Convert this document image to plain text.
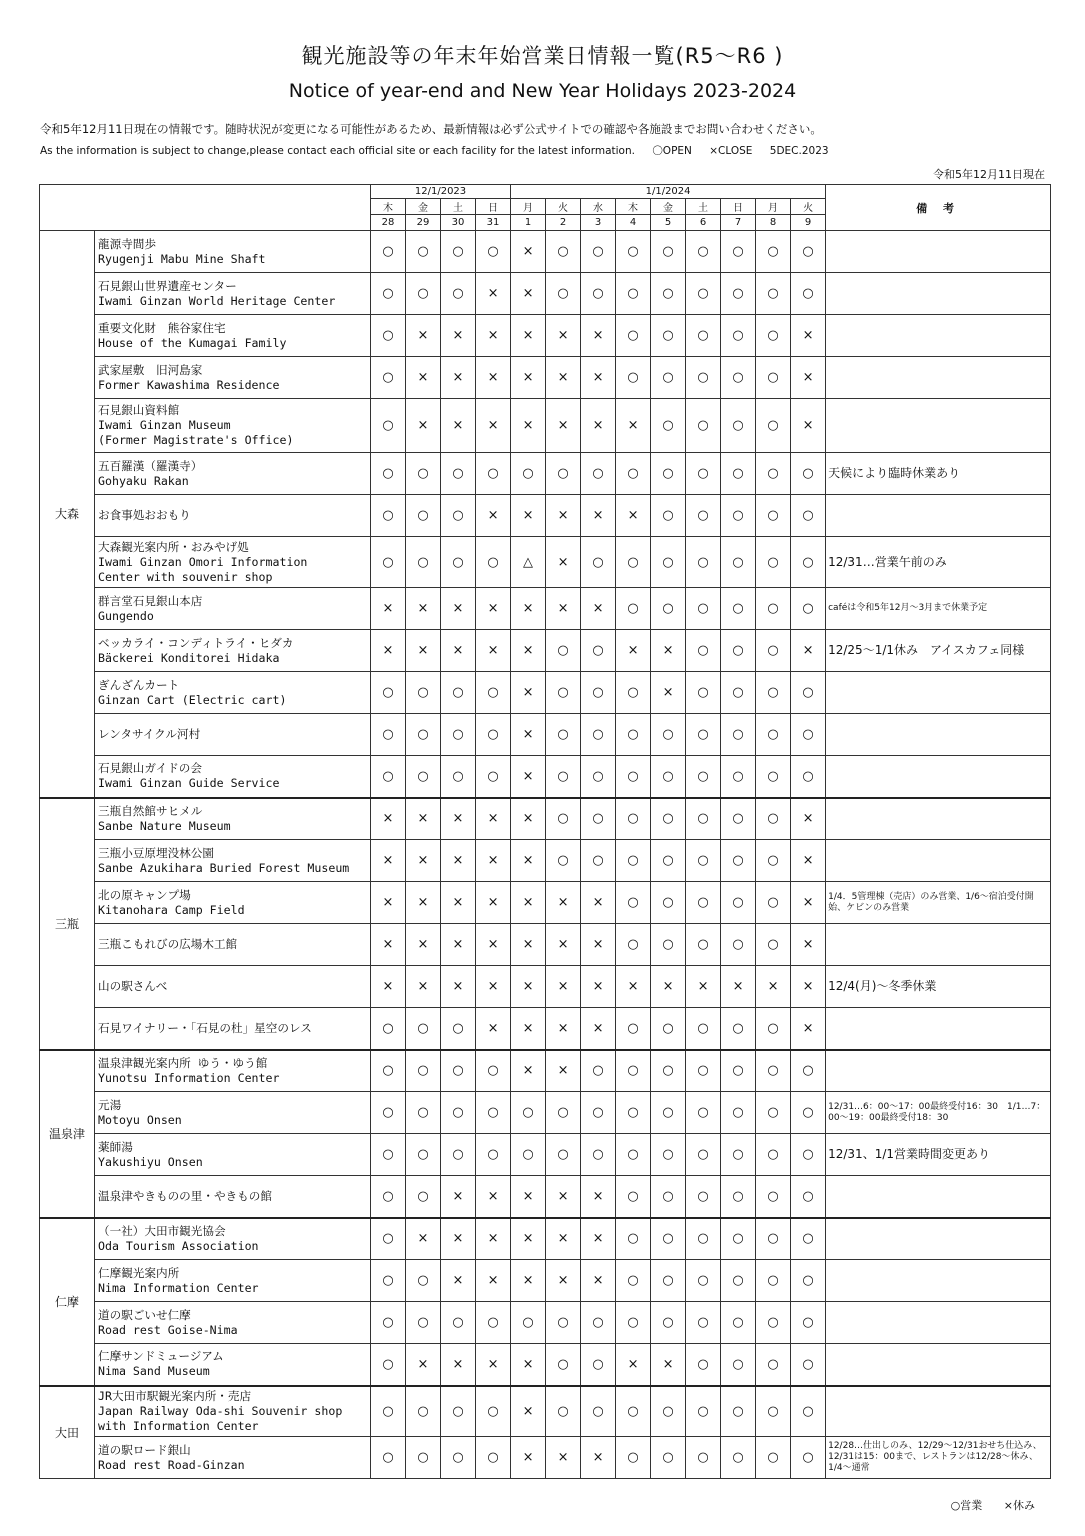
観光施設等の年末年始営業日情報一覧(R5〜R6 )
Notice of year-end and New Year Holidays 2023-2024
令和5年12月11日現在の情報です。随時状況が変更になる可能性があるため、最新情報は必ず公式サイトでの確認や各施設までお問い合わせください。
As the information is subject to change,please contact each official site or each facility for the latest information. 〇OPEN ×CLOSE 5DEC.2023
令和5年12月11日現在
		12/1/2023				1/1/2024									備 考
		木	金	土	日	月	火	水	木	金	土	日	月	火	
		28	29	30	31	1	2	3	4	5	6	7	8	9	
大森	龍源寺間歩
Ryugenji Mabu Mine Shaft	○	○	○	○	×	○	○	○	○	○	○	○	○	

	石見銀山世界遺産センター
Iwami Ginzan World Heritage Center	○	○	○	×	×	○	○	○	○	○	○	○	○	

	重要文化財　熊谷家住宅
House of the Kumagai Family	○	×	×	×	×	×	×	○	○	○	○	○	×	

	武家屋敷　旧河島家
Former Kawashima Residence	○	×	×	×	×	×	×	○	○	○	○	○	×	

	石見銀山資料館
Iwami Ginzan Museum
(Former Magistrate's Office)	○	×	×	×	×	×	×	×	○	○	○	○	×	

	五百羅漢（羅漢寺）
Gohyaku Rakan	○	○	○	○	○	○	○	○	○	○	○	○	○	天候により臨時休業あり

	お食事処おおもり	○	○	○	×	×	×	×	×	○	○	○	○	○	

	大森観光案内所・おみやげ処
Iwami Ginzan Omori Information
Center with souvenir shop	○	○	○	○	△	×	○	○	○	○	○	○	○	12/31…営業午前のみ

	群言堂石見銀山本店
Gungendo	×	×	×	×	×	×	×	○	○	○	○	○	○	caféは令和5年12月～3月まで休業予定

	ベッカライ・コンディトライ・ヒダカ
Bäckerei Konditorei Hidaka	×	×	×	×	×	○	○	×	×	○	○	○	×	12/25～1/1休み　アイスカフェ同様

	ぎんざんカート
Ginzan Cart (Electric cart)	○	○	○	○	×	○	○	○	×	○	○	○	○	

	レンタサイクル河村	○	○	○	○	×	○	○	○	○	○	○	○	○	

	石見銀山ガイドの会
Iwami Ginzan Guide Service	○	○	○	○	×	○	○	○	○	○	○	○	○	
三瓶	三瓶自然館サヒメル
Sanbe Nature Museum	×	×	×	×	×	○	○	○	○	○	○	○	×	

	三瓶小豆原埋没林公園
Sanbe Azukihara Buried Forest Museum	×	×	×	×	×	○	○	○	○	○	○	○	×	

	北の原キャンプ場
Kitanohara Camp Field	×	×	×	×	×	×	×	○	○	○	○	○	×	1/4．5管理棟（売店）のみ営業、1/6～宿泊受付開始、ケビンのみ営業

	三瓶こもれびの広場木工館	×	×	×	×	×	×	×	○	○	○	○	○	×	

	山の駅さんべ	×	×	×	×	×	×	×	×	×	×	×	×	×	12/4(月)～冬季休業

	石見ワイナリー・「石見の杜」星空のレス	○	○	○	×	×	×	×	○	○	○	○	○	×	
温泉津	温泉津観光案内所 ゆう・ゆう館
Yunotsu Information Center	○	○	○	○	×	×	○	○	○	○	○	○	○	

	元湯
Motoyu Onsen	○	○	○	○	○	○	○	○	○	○	○	○	○	12/31…6：00～17：00最終受付16：30　1/1…7：00～19：00最終受付18：30

	薬師湯
Yakushiyu Onsen	○	○	○	○	○	○	○	○	○	○	○	○	○	12/31、1/1営業時間変更あり

	温泉津やきものの里・やきもの館	○	○	×	×	×	×	×	○	○	○	○	○	○	
仁摩	（一社）大田市観光協会
Oda Tourism Association	○	×	×	×	×	×	×	○	○	○	○	○	○	

	仁摩観光案内所
Nima Information Center	○	○	×	×	×	×	×	○	○	○	○	○	○	

	道の駅ごいせ仁摩
Road rest Goise-Nima	○	○	○	○	○	○	○	○	○	○	○	○	○	

	仁摩サンドミュージアム
Nima Sand Museum	○	×	×	×	×	○	○	×	×	○	○	○	○	
大田	JR大田市駅観光案内所・売店
Japan Railway Oda-shi Souvenir shop
with Information Center	○	○	○	○	×	○	○	○	○	○	○	○	○	

	道の駅ロード銀山
Road rest Road-Ginzan	○	○	○	○	×	×	×	○	○	○	○	○	○	12/28…仕出しのみ、12/29～12/31おせち仕込み、12/31は15：00まで、レストランは12/28～休み、1/4～通常
○営業 ×休み
